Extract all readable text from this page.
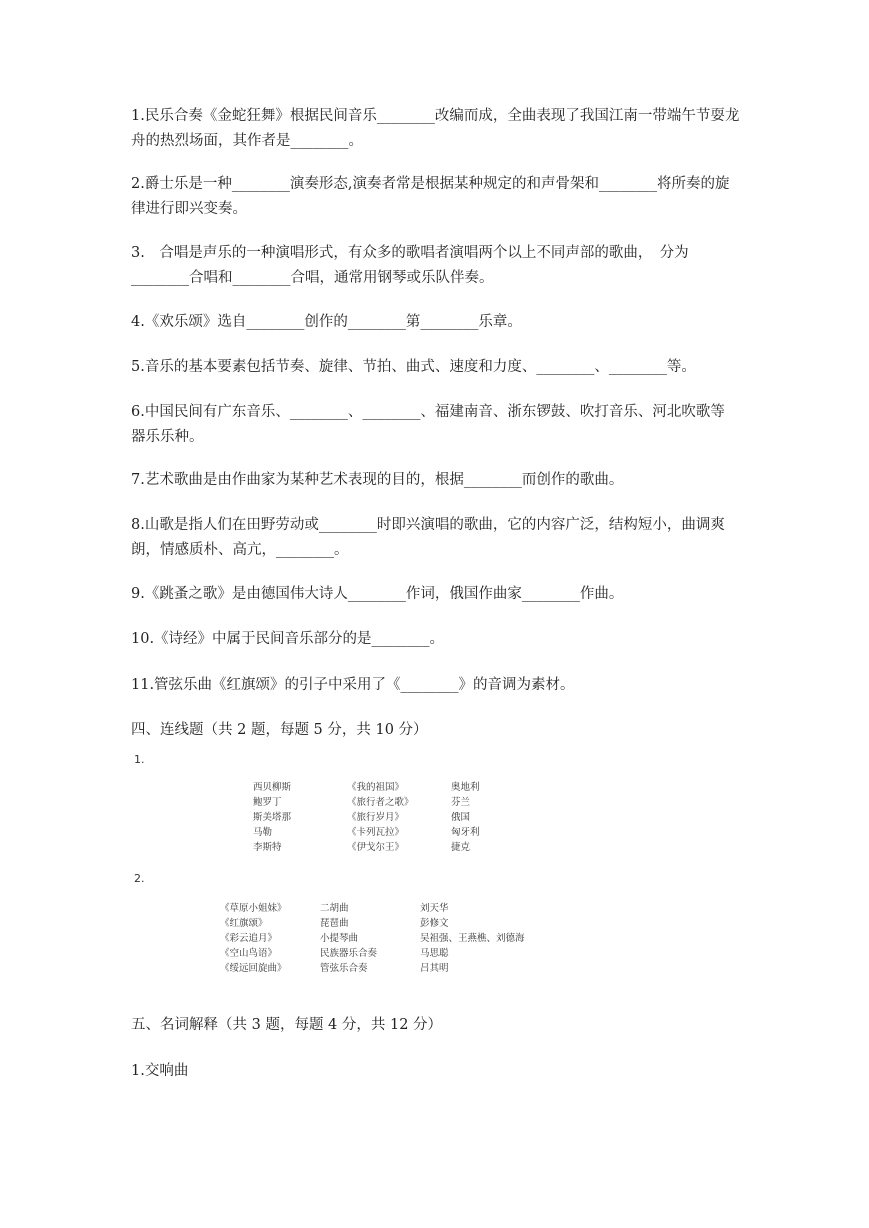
1.民乐合奏《金蛇狂舞》根据民间音乐________改编而成，全曲表现了我国江南一带端午节耍龙舟的热烈场面，其作者是________。

2.爵士乐是一种________演奏形态,演奏者常是根据某种规定的和声骨架和________将所奏的旋律进行即兴变奏。

3.　合唱是声乐的一种演唱形式，有众多的歌唱者演唱两个以上不同声部的歌曲，　分为________合唱和________合唱，通常用钢琴或乐队伴奏。

4.《欢乐颂》选自________创作的________第________乐章。

5.音乐的基本要素包括节奏、旋律、节拍、曲式、速度和力度、________、________等。

6.中国民间有广东音乐、________、________、福建南音、浙东锣鼓、吹打音乐、河北吹歌等 器乐乐种。

7.艺术歌曲是由作曲家为某种艺术表现的目的，根据________而创作的歌曲。

8.山歌是指人们在田野劳动或________时即兴演唱的歌曲，它的内容广泛，结构短小，曲调爽朗，情感质朴、高亢，________。

9.《跳蚤之歌》是由德国伟大诗人________作词，俄国作曲家________作曲。

10.《诗经》中属于民间音乐部分的是________。

11.管弦乐曲《红旗颂》的引子中采用了《________》的音调为素材。

四、连线题（共 2 题，每题 5 分，共 10 分）

1.
西贝柳斯
鲍罗丁
斯美塔那
马勒
李斯特
《我的祖国》
《旅行者之歌》
《旅行岁月》
《卡列瓦拉》
《伊戈尔王》
奥地利
芬兰
俄国
匈牙利
捷克
2.
《草原小姐妹》
《红旗颂》
《彩云追月》
《空山鸟语》
《绥远回旋曲》
二胡曲
琵琶曲
小提琴曲
民族器乐合奏
管弦乐合奏
刘天华
彭修文
吴祖强、王燕樵、刘德海
马思聪
吕其明

五、名词解释（共 3 题，每题 4 分，共 12 分）

1.交响曲
